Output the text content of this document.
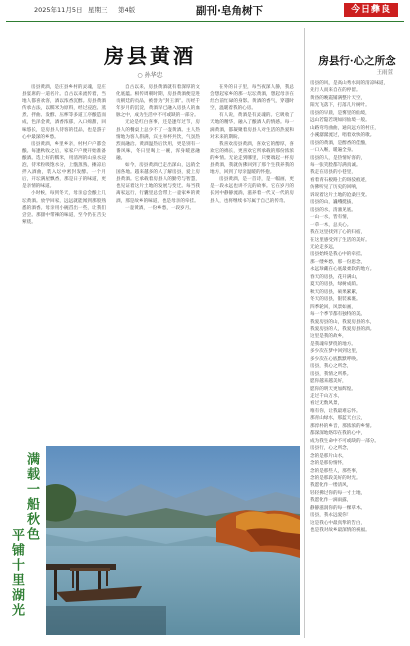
2025年11月5日 星期三 第4版	副刊·皂角树下	今日彝良
房县黄酒
○ 孙华忠

房县黄酒，是庄县乡村的灵魂，是庄县宴席的一道名片。自古以来流传着，当地人都喜欢客，酒以浓香沉醇。房县黄酒传承古法，以糯米为原料，经过浸泡、蒸煮、拌曲、发酵、压榨等多道工序酿造而成，色泽金黄，酒香浓郁，入口绵甜，回味悠长，是房县人待客的佳品，也是游子心中最深的乡愁。

房县黄酒，乡里乡亲，村村户户都会酿。每逢秋收之后，家家户户便开始准备酿酒。选上好的糯米，用清冽的山泉水浸泡，待米粒吸饱水分，上甑蒸熟，摊凉后拌入酒曲，装入坛中密封发酵。一个月后，开坛满屋飘香，那是日子的味道，更是亲情的味道。

小时候，每到冬天，母亲总会酿上几坛黄酒。放学回家，远远就能闻到那股熟悉的酒香。母亲用小碗舀出一些，让我们尝尝。那甜中带辣的味道，至今仍在舌尖萦绕。

自古以来，房县黄酒就有着深厚的文化底蕴。相传周朝时期，房县黄酒便是进贡朝廷的贡品，被誉为“封王酒”。历经千年岁月的沉淀，黄酒早已融入房县人的血脉之中，成为生活中不可或缺的一部分。

无论是红白喜事，还是逢年过节，房县人的餐桌上总少不了一壶黄酒。主人热情地为客人斟满，宾主举杯共饮，气氛热烈而融洽。黄酒温热后饮用，更是别有一番风味，冬日里喝上一碗，浑身暖意融融。

如今，房县黄酒已走出深山，远销全国各地。越来越多的人了解房县，爱上房县黄酒。它承载着房县人的勤劳与智慧，也见证着这片土地的发展与变迁。每当我离家远行，行囊里总会带上一壶家乡的黄酒，那是故乡的味道，也是母亲的牵挂。

一壶黄酒，一份乡愁，一段岁月。

在外的日子里，每当夜深人静，我总会想起家乡的那一坛坛黄酒，想起母亲在灶台前忙碌的身影。黄酒的香气，穿越时空，温暖着我的心房。

有人说，黄酒是有灵魂的。它吸收了天地的精华，融入了酿酒人的情感。每一滴黄酒，都凝聚着房县人对生活的热爱和对未来的期盼。

我喜欢房县黄酒，喜欢它的醇厚，喜欢它的绵长，更喜欢它所承载的那份浓浓的乡情。无论走到哪里，只要端起一杯房县黄酒，我就仿佛回到了那个生我养我的地方，回到了母亲温暖的怀抱。

房县黄酒，是一首诗，是一幅画，更是一段永远也讲不完的故事。它在岁月的长河中静静流淌，滋养着一代又一代的房县人，也将继续书写属于自己的传奇。

房县行·心之所念
王雨萱
房县的风，是高山秀水间的清凉味道，
先行人而来自在的停留。
黄昏的晚霞铺满整片天空，
阳光飞落下，打落几片树叶。
房县的早晨，是雾里的仙境，
远山若隐若现如同仙境一般。
山路弯弯曲曲，通向远方的村庄，
小溪潺潺流过，唱着欢快的歌。
房县的黄酒，是醇香的佳酿，
一口入喉，暖遍全身。
房县的人，是热情好客的，
每一张笑脸都写满真诚。
我走在房县的小巷里，
看着青石板路上的斑驳痕迹，
仿佛听见了历史的回响，
诉说着这片土地的沧桑巨变。
房县的山，巍峨挺拔，
房县的水，清澈见底。
一山一水，皆有情，
一草一木，总关心。
我在这里找到了心的归宿，
在这里感受到了生活的美好。
无论走多远，
房县始终是我心中的牵挂。
那一缕乡愁，那一份思念，
永远珍藏在心底最柔软的地方。
春天的房县，花开满山，
夏天的房县，绿树成荫。
秋天的房县，硕果累累，
冬天的房县，银装素裹。
四季轮回，风景如画，
每一个季节都有独特的美。
我爱房县的山，我爱房县的水，
我爱房县的人，我爱房县的酒。
这里是我的故乡，
是我魂牵梦绕的地方。
多少次在梦中回到这里，
多少次在心底默默呼唤。
房县，我心之所念，
房县，我情之所系。
愿你越来越美好，
愿你的明天更加辉煌。
走过千山万水，
看过无数风景，
唯有你，让我最难忘怀。
那青山绿水，那蓝天白云，
那淳朴的乡音，那浓浓的乡情。
都深深地烙印在我的心中，
成为我生命中不可或缺的一部分。
房县行，心之所念，
念的是那片山水，
念的是那份情怀，
念的是那些人，那些事，
念的是那段美好的时光。
我愿化作一缕清风，
轻轻拂过你的每一寸土地，
我愿化作一滴雨露，
静静滋润你的每一棵草木。
房县，我永远爱你！
这是我心中最真挚的告白，
也是我对故乡最深情的祝福。
满载一船秋色
平铺十里湖光
